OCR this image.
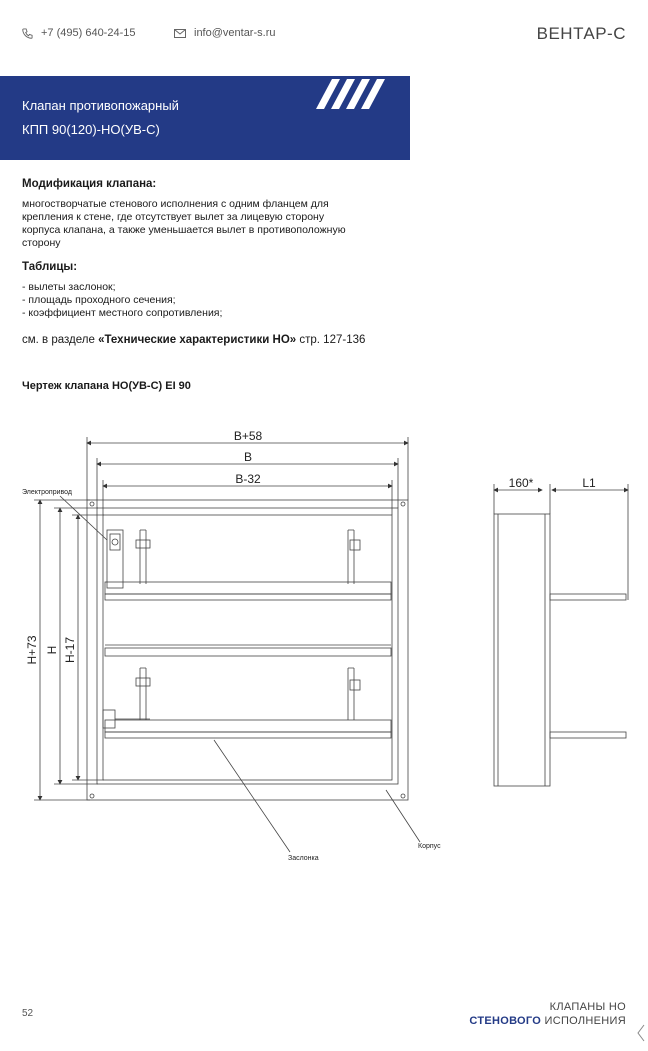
+7 (495) 640-24-15	info@ventar-s.ru	ВЕНТАР-С
Клапан противопожарный
КПП 90(120)-НО(УВ-С)
Модификация клапана:
многостворчатые стенового исполнения с одним фланцем для
крепления к стене, где отсутствует вылет за лицевую сторону
корпуса клапана, а также уменьшается вылет в противоположную
сторону
Таблицы:
- вылеты заслонок;
- площадь проходного сечения;
- коэффициент местного сопротивления;
см. в разделе «Технические характеристики НО» стр. 127-136
Чертеж клапана НО(УВ-С) EI 90
B+58
B
B-32
H+73 H H-17
160*	L1
Электропривод
Корпус
Заслонка
52
КЛАПАНЫ НО
СТЕНОВОГО ИСПОЛНЕНИЯ
